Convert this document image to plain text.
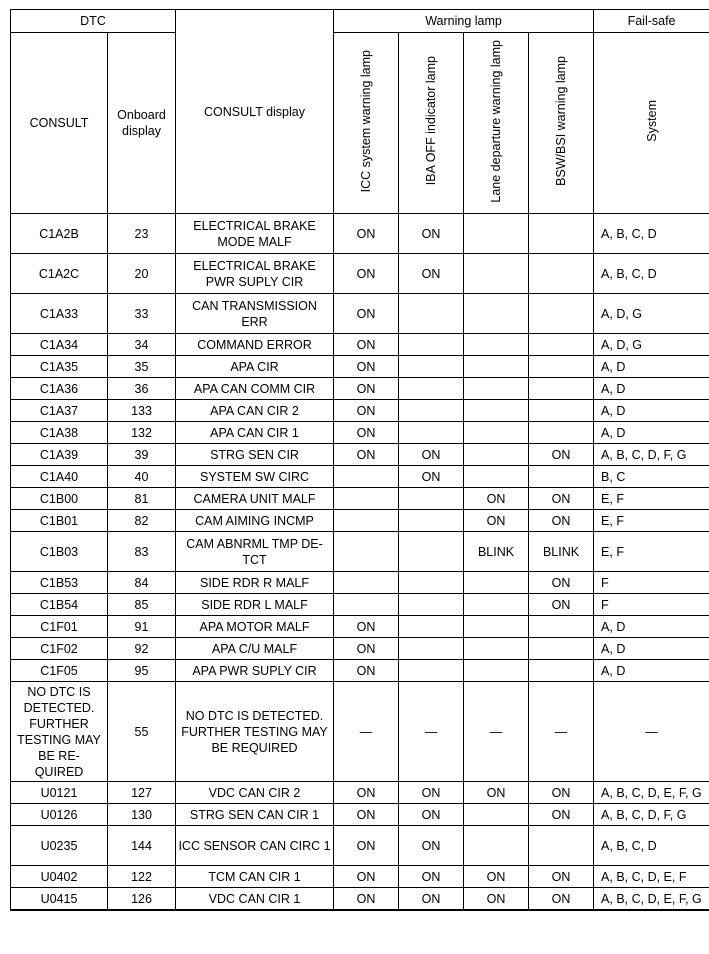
DTC		CONSULT display	Warning lamp				Fail-safe
CONSULT	Onboard display		ICC system warning lamp	IBA OFF indicator lamp	Lane departure warning lamp	BSW/BSI warning lamp	System
C1A2B	23	ELECTRICAL BRAKE MODE MALF	ON	ON			A, B, C, D
C1A2C	20	ELECTRICAL BRAKE PWR SUPLY CIR	ON	ON			A, B, C, D
C1A33	33	CAN TRANSMISSION ERR	ON				A, D, G
C1A34	34	COMMAND ERROR	ON				A, D, G
C1A35	35	APA CIR	ON				A, D
C1A36	36	APA CAN COMM CIR	ON				A, D
C1A37	133	APA CAN CIR 2	ON				A, D
C1A38	132	APA CAN CIR 1	ON				A, D
C1A39	39	STRG SEN CIR	ON	ON		ON	A, B, C, D, F, G
C1A40	40	SYSTEM SW CIRC		ON			B, C
C1B00	81	CAMERA UNIT MALF			ON	ON	E, F
C1B01	82	CAM AIMING INCMP			ON	ON	E, F
C1B03	83	CAM ABNRML TMP DE- TCT			BLINK	BLINK	E, F
C1B53	84	SIDE RDR R MALF				ON	F
C1B54	85	SIDE RDR L MALF				ON	F
C1F01	91	APA MOTOR MALF	ON				A, D
C1F02	92	APA C/U MALF	ON				A, D
C1F05	95	APA PWR SUPLY CIR	ON				A, D
NO DTC IS DETECTED. FURTHER TESTING MAY BE RE- QUIRED	55	NO DTC IS DETECTED. FURTHER TESTING MAY BE REQUIRED	—	—	—	—	—
U0121	127	VDC CAN CIR 2	ON	ON	ON	ON	A, B, C, D, E, F, G
U0126	130	STRG SEN CAN CIR 1	ON	ON		ON	A, B, C, D, F, G
U0235	144	ICC SENSOR CAN CIRC 1	ON	ON			A, B, C, D
U0402	122	TCM CAN CIR 1	ON	ON	ON	ON	A, B, C, D, E, F
U0415	126	VDC CAN CIR 1	ON	ON	ON	ON	A, B, C, D, E, F, G
